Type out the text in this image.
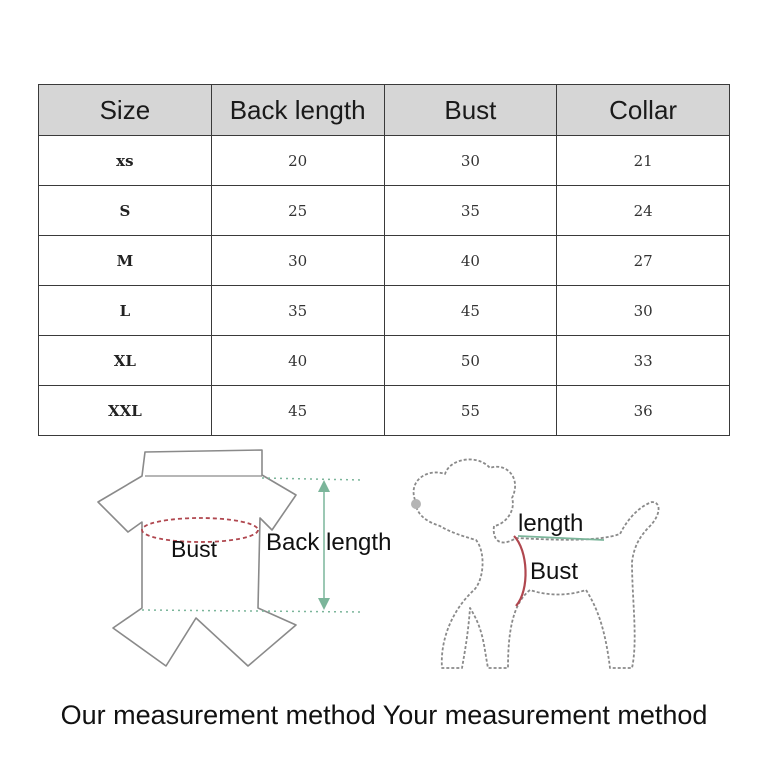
Size	Back length	Bust	Collar
xs	20	30	21
S	25	35	24
M	30	40	27
L	35	45	30
XL	40	50	33
XXL	45	55	36
Bust Back length
length
Bust
Our measurement method Your measurement method
